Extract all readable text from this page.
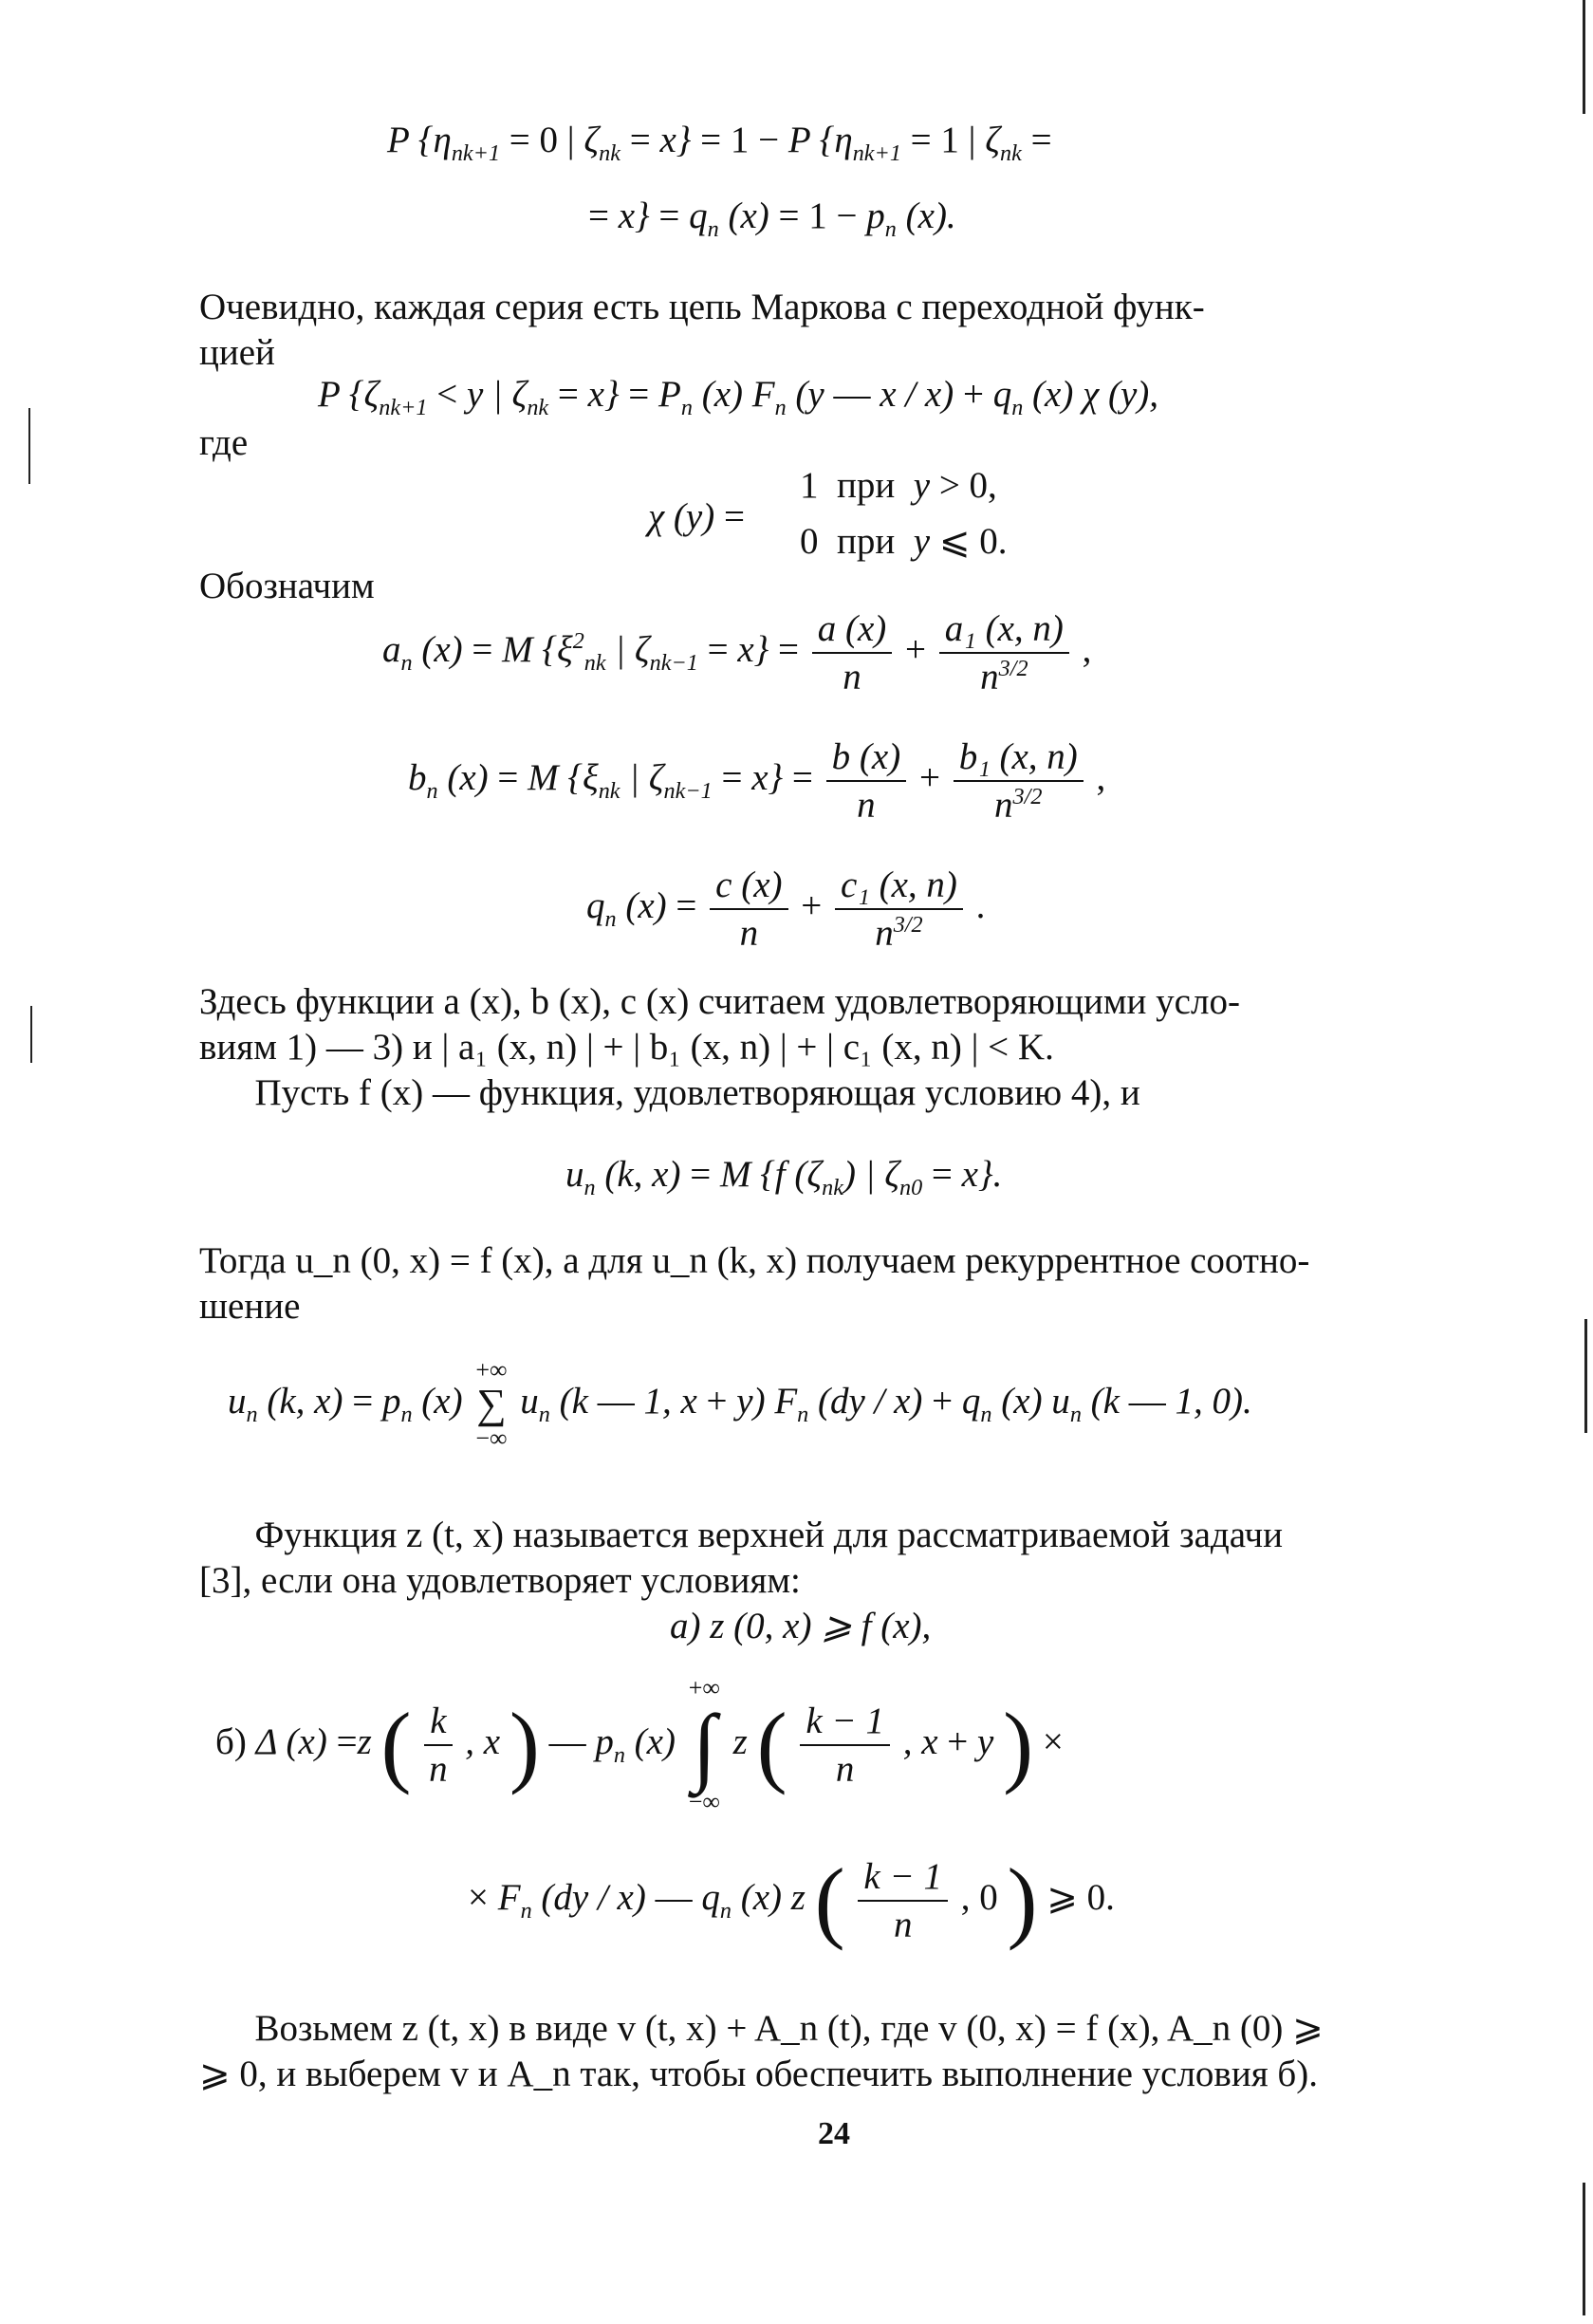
P {$\eta_{nk+1} = 0$ | $\zeta_{nk} = x\} = 1 - P$ {$\eta_{nk+1} = 1$ | $\zeta_{nk}$ =
= $x\} = q_n$ $(x) = 1 - p_n$ (x).
Очевидно, каждая серия есть цепь Маркова с переходной функ-
цией
P {$\zeta_{nk+1} < y$ | $\zeta_{nk} = x\} = P_n$ (x) $F_n$ (y — $x / x) + q_n$ (x) χ (y),
где
χ (y) =
1 при y > 0,
0 при y ⩽ 0.
Обозначим
$a_n$ (x) = M {$\xi^2_{nk}$ | $\zeta_{nk-1} = x\} = \frac{a (x)}{n} + \frac{\text{a₁ (x, n)}}{n^{3/2}}$ ,
$b_n$ (x) = M {$\xi_{nk}$ | $\zeta_{nk-1} = x\} = \frac{b (x)}{n} + \frac{\text{b₁ (x, n)}}{n^{3/2}}$ ,
$q_n$ $(x) = \frac{c (x)}{n} + \frac{\text{c₁ (x, n)}}{n^{3/2}}$ .
Здесь функции a (x), b (x), c (x) считаем удовлетворяющими усло-
виям 1) — 3) и | a₁ (x, n) | + | b₁ (x, n) | + | c₁ (x, n) | < K.
Пусть f (x) — функция, удовлетворяющая условию 4), и
$u_n$ (k, x) = M {f $(\zeta_{nk})$ | $\zeta_{n0} = x$}.
Тогда u_n (0, x) = f (x), а для u_n (k, x) получаем рекуррентное соотно-
шение
$u_n$ (k, $x) = p_n$ (x)
+∞
∑
−∞
$u_n$ (k — 1, x + y) $F_n$ $(dy / x) + q_n$ (x) $u_n$ (k — 1, 0).
Функция z (t, x) называется верхней для рассматриваемой задачи
[3], если она удовлетворяет условиям:
а) z (0, x) ⩾ f (x),
б) Δ (x) =z ( $\frac{k}{n}$ , x ) — $p_n$ (x)
+∞
∫
−∞
z ( $\frac{k - 1}{n}$ , x + y ) ×
× $F_n$ (dy / x) — $q_n$ (x) z ( $\frac{k - 1}{n}$ , 0 ) ⩾ 0.
Возьмем z (t, x) в виде v (t, x) + A_n (t), где v (0, x) = f (x), A_n (0) ⩾
⩾ 0, и выберем v и A_n так, чтобы обеспечить выполнение условия б).
24
